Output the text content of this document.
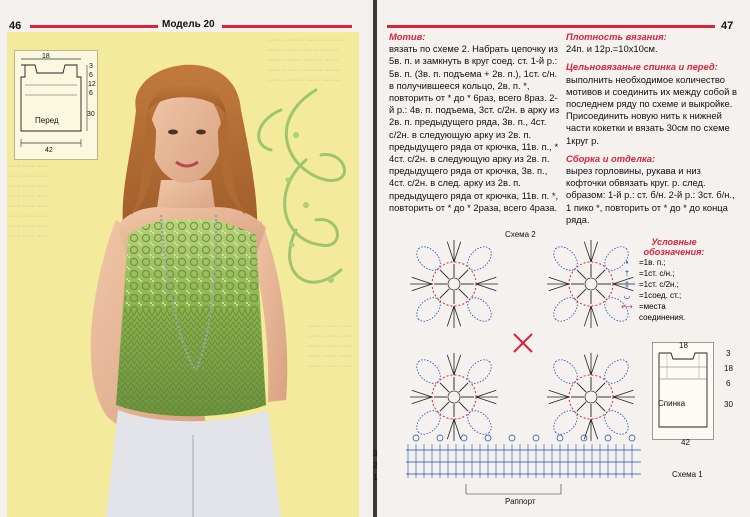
46	Модель 20
········ ······· ······· ········ ······ ········ ······ ········ ······· ······· ········ ······ ········ ······ ········ ······· ······· ········ ······ ········
······ ······ ······ ······ ······ ······ ······ ······ ······ ······ ······ ······ ······ ······ ······
····· ····· ····· ····· ····· ····· ····· ····· ····· ····· ····· ····· ····· ····· ····· ····· ····· ····· ····· ····· ····· ····· ····· ·····
18
3
6
12
6
30
Перед
42
47
Мотив:
вязать по схеме 2. Набрать цепочку из 5в. п. и замкнуть в круг соед. ст. 1-й р.: 5в. п. (3в. п. подъема + 2в. п.), 1ст. с/н. в получившееся кольцо, 2в. п. *, повторить от * до * 6раз, всего 8раз. 2-й р.: 4в. п. подъема, 3ст. с/2н. в арку из 2в. п. предыдущего ряда, 3в. п., 4ст. с/2н. в следующую арку из 2в. п. предыдущего ряда от крючка, 11в. п., * 4ст. с/2н. в следующую арку из 2в. п. предыдущего ряда от крючка, 3в. п., 4ст. с/2н. в след. арку из 2в. п. предыдущего ряда от крючка, 11в. п. *, повторить от * до * 2раза, всего 4раза.
Плотность вязания:
24п. и 12р.=10х10см.
Цельновязаные спинка и перед:
выполнить необходимое количество мотивов и соединить их между собой в последнем ряду по схеме и выкройке. Присоединить новую нить к нижней части кокетки и вязать 30см по схеме 1круг р.
Сборка и отделка:
вырез горловины, рукава и низ кофточки обвязать круг. р. след. образом: 1-й р.: ст. б/н. 2-й р.: 3ст. б/н., 1 пико *, повторить от * до * до конца ряда.
Схема 2
3
2
1
Раппорт
Условные
обозначения:
•	=1в. п.;
†	=1ст. с/н.;
‡	=1ст. с/2н.;
◡	=1соед. ст.;
⟷ =места
соединения.
Спинка
18
3
18
6
30
42
Схема 1
